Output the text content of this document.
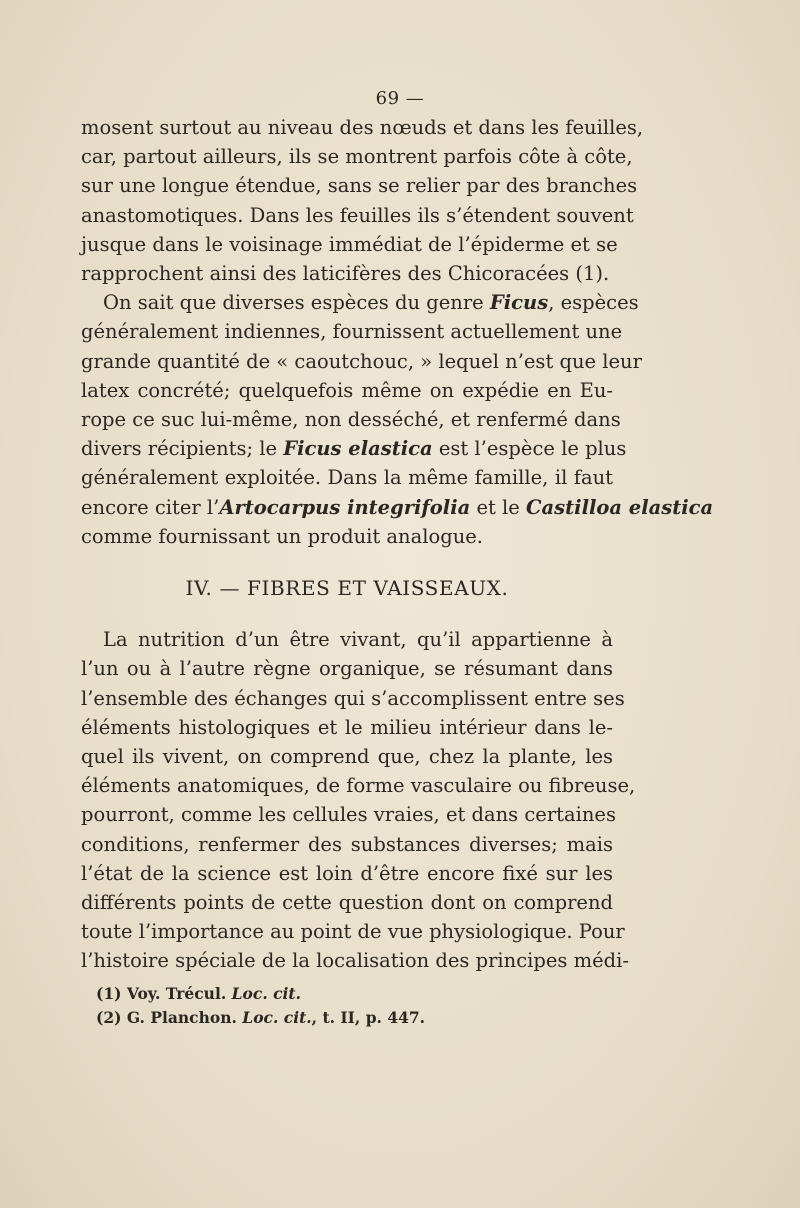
69 —
mosent surtout au niveau des nœuds et dans les feuilles,
car, partout ailleurs, ils se montrent parfois côte à côte,
sur une longue étendue, sans se relier par des branches
anastomotiques. Dans les feuilles ils s’étendent souvent
jusque dans le voisinage immédiat de l’épiderme et se
rapprochent ainsi des laticifères des Chicoracées (1).
On sait que diverses espèces du genre Ficus, espèces
généralement indiennes, fournissent actuellement une
grande quantité de « caoutchouc, » lequel n’est que leur
latex concrété; quelquefois même on expédie en Eu-
rope ce suc lui-même, non desséché, et renfermé dans
divers récipients; le Ficus elastica est l’espèce le plus
généralement exploitée. Dans la même famille, il faut
encore citer l’Artocarpus integrifolia et le Castilloa elastica
comme fournissant un produit analogue.
IV. — FIBRES ET VAISSEAUX.
La nutrition d’un être vivant, qu’il appartienne à
l’un ou à l’autre règne organique, se résumant dans
l’ensemble des échanges qui s’accomplissent entre ses
éléments histologiques et le milieu intérieur dans le-
quel ils vivent, on comprend que, chez la plante, les
éléments anatomiques, de forme vasculaire ou fibreuse,
pourront, comme les cellules vraies, et dans certaines
conditions, renfermer des substances diverses; mais
l’état de la science est loin d’être encore fixé sur les
différents points de cette question dont on comprend
toute l’importance au point de vue physiologique. Pour
l’histoire spéciale de la localisation des principes médi-
(1) Voy. Trécul. Loc. cit.
(2) G. Planchon. Loc. cit., t. II, p. 447.
